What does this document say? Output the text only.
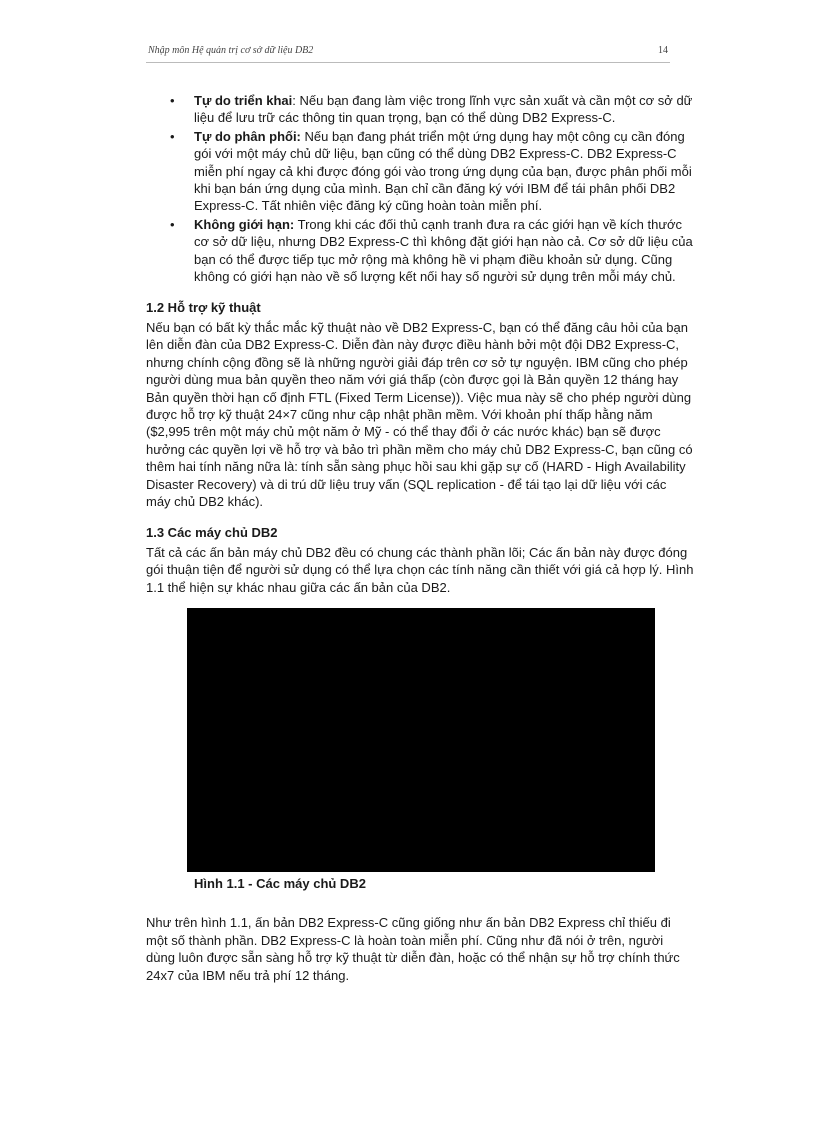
Nhập môn Hệ quản trị cơ sở dữ liệu DB2	14
• Tự do triển khai: Nếu bạn đang làm việc trong lĩnh vực sản xuất và cần một cơ sở dữ liệu để lưu trữ các thông tin quan trọng, bạn có thể dùng DB2 Express-C.
• Tự do phân phối: Nếu bạn đang phát triển một ứng dụng hay một công cụ cần đóng gói với một máy chủ dữ liệu, bạn cũng có thể dùng DB2 Express-C. DB2 Express-C miễn phí ngay cả khi được đóng gói vào trong ứng dụng của bạn, được phân phối mỗi khi bạn bán ứng dụng của mình. Bạn chỉ cần đăng ký với IBM để tái phân phối DB2 Express-C. Tất nhiên việc đăng ký cũng hoàn toàn miễn phí.
• Không giới hạn: Trong khi các đối thủ cạnh tranh đưa ra các giới hạn về kích thước cơ sở dữ liệu, nhưng DB2 Express-C thì không đặt giới hạn nào cả. Cơ sở dữ liệu của bạn có thể được tiếp tục mở rộng mà không hề vi phạm điều khoản sử dụng. Cũng không có giới hạn nào về số lượng kết nối hay số người sử dụng trên mỗi máy chủ.
1.2 Hỗ trợ kỹ thuật

Nếu bạn có bất kỳ thắc mắc kỹ thuật nào về DB2 Express-C, bạn có thể đăng câu hỏi của bạn lên diễn đàn của DB2 Express-C. Diễn đàn này được điều hành bởi một đội DB2 Express-C, nhưng chính cộng đồng sẽ là những người giải đáp trên cơ sở tự nguyện. IBM cũng cho phép người dùng mua bản quyền theo năm với giá thấp (còn được gọi là Bản quyền 12 tháng hay Bản quyền thời hạn cố định FTL (Fixed Term License)). Việc mua này sẽ cho phép người dùng được hỗ trợ kỹ thuật 24×7 cũng như cập nhật phần mềm. Với khoản phí thấp hằng năm ($2,995 trên một máy chủ một năm ở Mỹ - có thể thay đổi ở các nước khác) bạn sẽ được hưởng các quyền lợi về hỗ trợ và bảo trì phần mềm cho máy chủ DB2 Express-C, bạn cũng có thêm hai tính năng nữa là: tính sẵn sàng phục hồi sau khi gặp sự cố (HARD - High Availability Disaster Recovery) và di trú dữ liệu truy vấn (SQL replication - để tái tạo lại dữ liệu với các máy chủ DB2 khác).

1.3 Các máy chủ DB2

Tất cả các ấn bản máy chủ DB2 đều có chung các thành phần lõi; Các ấn bản này được đóng gói thuận tiện để người sử dụng có thể lựa chọn các tính năng cần thiết với giá cả hợp lý. Hình 1.1 thể hiện sự khác nhau giữa các ấn bản của DB2.

Hình 1.1 - Các máy chủ DB2

Như trên hình 1.1, ấn bản DB2 Express-C cũng giống như ấn bản DB2 Express chỉ thiếu đi một số thành phần. DB2 Express-C là hoàn toàn miễn phí. Cũng như đã nói ở trên, người dùng luôn được sẵn sàng hỗ trợ kỹ thuật từ diễn đàn, hoặc có thể nhận sự hỗ trợ chính thức 24x7 của IBM nếu trả phí 12 tháng.
